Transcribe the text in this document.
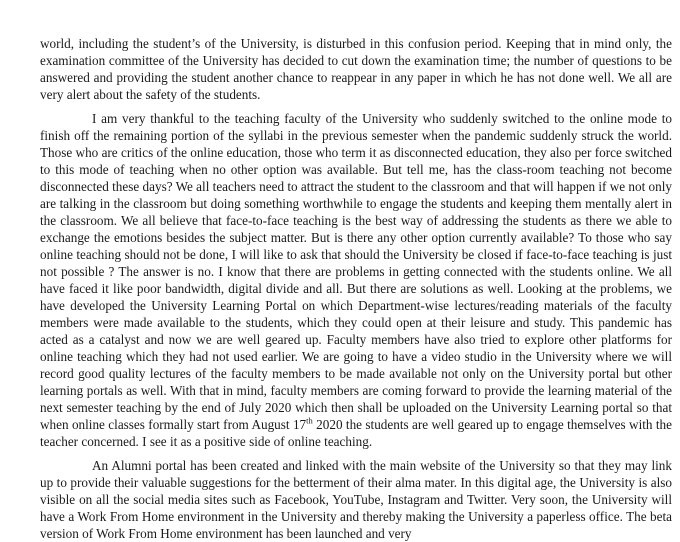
world, including the student’s of the University, is disturbed in this confusion period. Keeping that in mind only, the examination committee of the University has decided to cut down the examination time; the number of questions to be answered and providing the student another chance to reappear in any paper in which he has not done well. We all are very alert about the safety of the students.

I am very thankful to the teaching faculty of the University who suddenly switched to the online mode to finish off the remaining portion of the syllabi in the previous semester when the pandemic suddenly struck the world. Those who are critics of the online education, those who term it as disconnected education, they also per force switched to this mode of teaching when no other option was available. But tell me, has the class-room teaching not become disconnected these days? We all teachers need to attract the student to the classroom and that will happen if we not only are talking in the classroom but doing something worthwhile to engage the students and keeping them mentally alert in the classroom. We all believe that face-to-face teaching is the best way of addressing the students as there we able to exchange the emotions besides the subject matter. But is there any other option currently available? To those who say online teaching should not be done, I will like to ask that should the University be closed if face-to-face teaching is just not possible ? The answer is no. I know that there are problems in getting connected with the students online. We all have faced it like poor bandwidth, digital divide and all. But there are solutions as well. Looking at the problems, we have developed the University Learning Portal on which Department-wise lectures/reading materials of the faculty members were made available to the students, which they could open at their leisure and study. This pandemic has acted as a catalyst and now we are well geared up. Faculty members have also tried to explore other platforms for online teaching which they had not used earlier. We are going to have a video studio in the University where we will record good quality lectures of the faculty members to be made available not only on the University portal but other learning portals as well. With that in mind, faculty members are coming forward to provide the learning material of the next semester teaching by the end of July 2020 which then shall be uploaded on the University Learning portal so that when online classes formally start from August 17th 2020 the students are well geared up to engage themselves with the teacher concerned. I see it as a positive side of online teaching.

An Alumni portal has been created and linked with the main website of the University so that they may link up to provide their valuable suggestions for the betterment of their alma mater. In this digital age, the University is also visible on all the social media sites such as Facebook, YouTube, Instagram and Twitter. Very soon, the University will have a Work From Home environment in the University and thereby making the University a paperless office. The beta version of Work From Home environment has been launched and very
